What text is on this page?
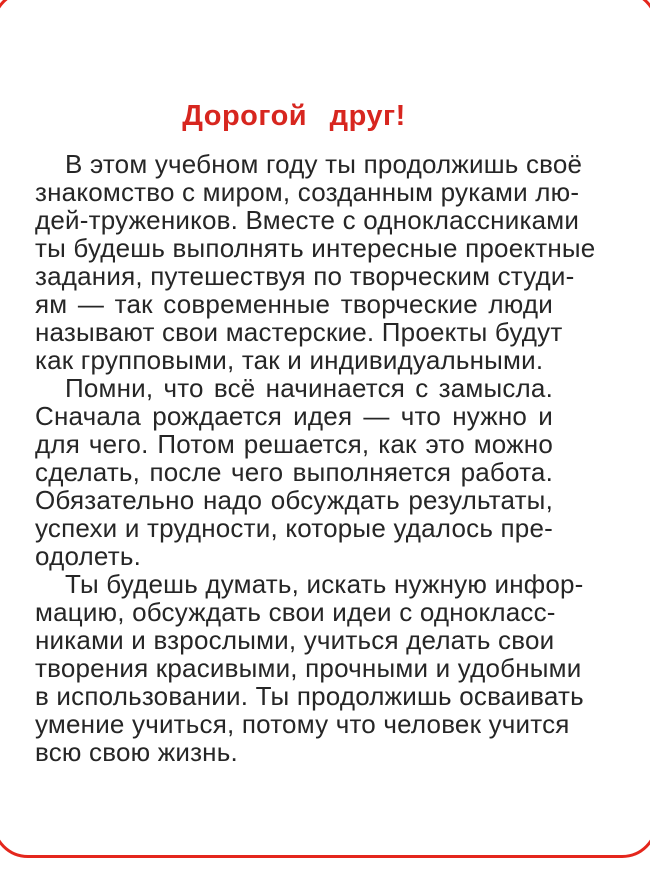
Дорогой друг!
В этом учебном году ты продолжишь своё
знакомство с миром, созданным руками лю-
дей-тружеников. Вместе с одноклассниками
ты будешь выполнять интересные проектные
задания, путешествуя по творческим студи-
ям — так современные творческие люди
называют свои мастерские. Проекты будут
как групповыми, так и индивидуальными.
Помни, что всё начинается с замысла.
Сначала рождается идея — что нужно и
для чего. Потом решается, как это можно
сделать, после чего выполняется работа.
Обязательно надо обсуждать результаты,
успехи и трудности, которые удалось пре-
одолеть.
Ты будешь думать, искать нужную инфор-
мацию, обсуждать свои идеи с однокласс-
никами и взрослыми, учиться делать свои
творения красивыми, прочными и удобными
в использовании. Ты продолжишь осваивать
умение учиться, потому что человек учится
всю свою жизнь.
